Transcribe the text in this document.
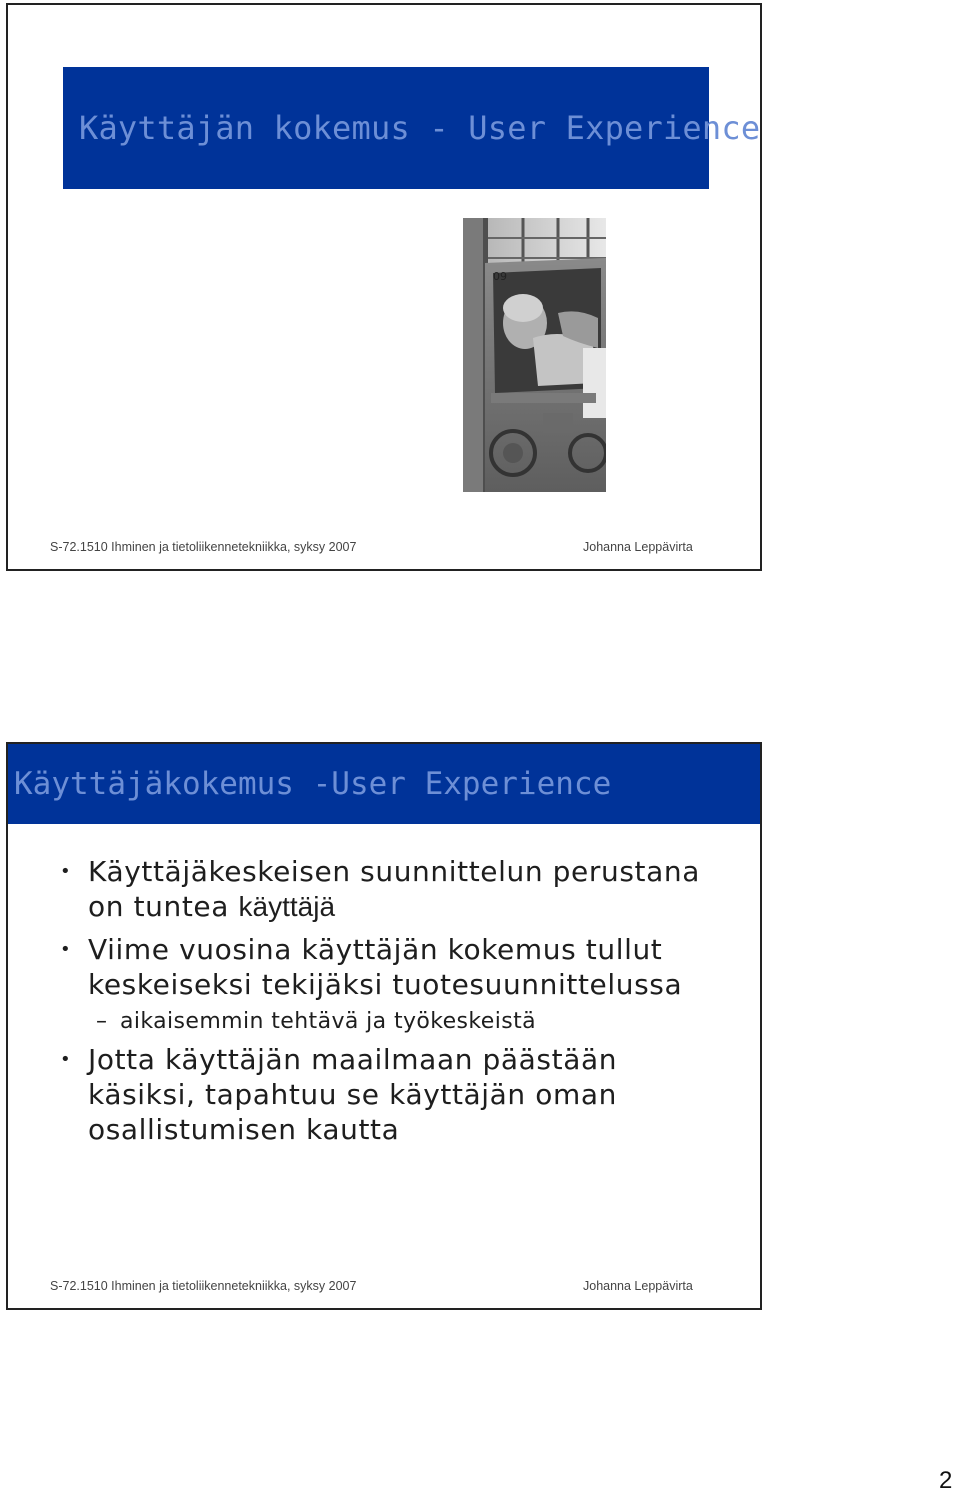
Käyttäjän kokemus - User Experience
09
S-72.1510 Ihminen ja tietoliikennetekniikka, syksy 2007	Johanna Leppävirta
Käyttäjäkokemus -User Experience
• Käyttäjäkeskeisen suunnittelun perustana on tuntea käyttäjä
• Viime vuosina käyttäjän kokemus tullut keskeiseksi tekijäksi tuotesuunnittelussa
– aikaisemmin tehtävä ja työkeskeistä
• Jotta käyttäjän maailmaan päästään käsiksi, tapahtuu se käyttäjän oman osallistumisen kautta
S-72.1510 Ihminen ja tietoliikennetekniikka, syksy 2007	Johanna Leppävirta
2
